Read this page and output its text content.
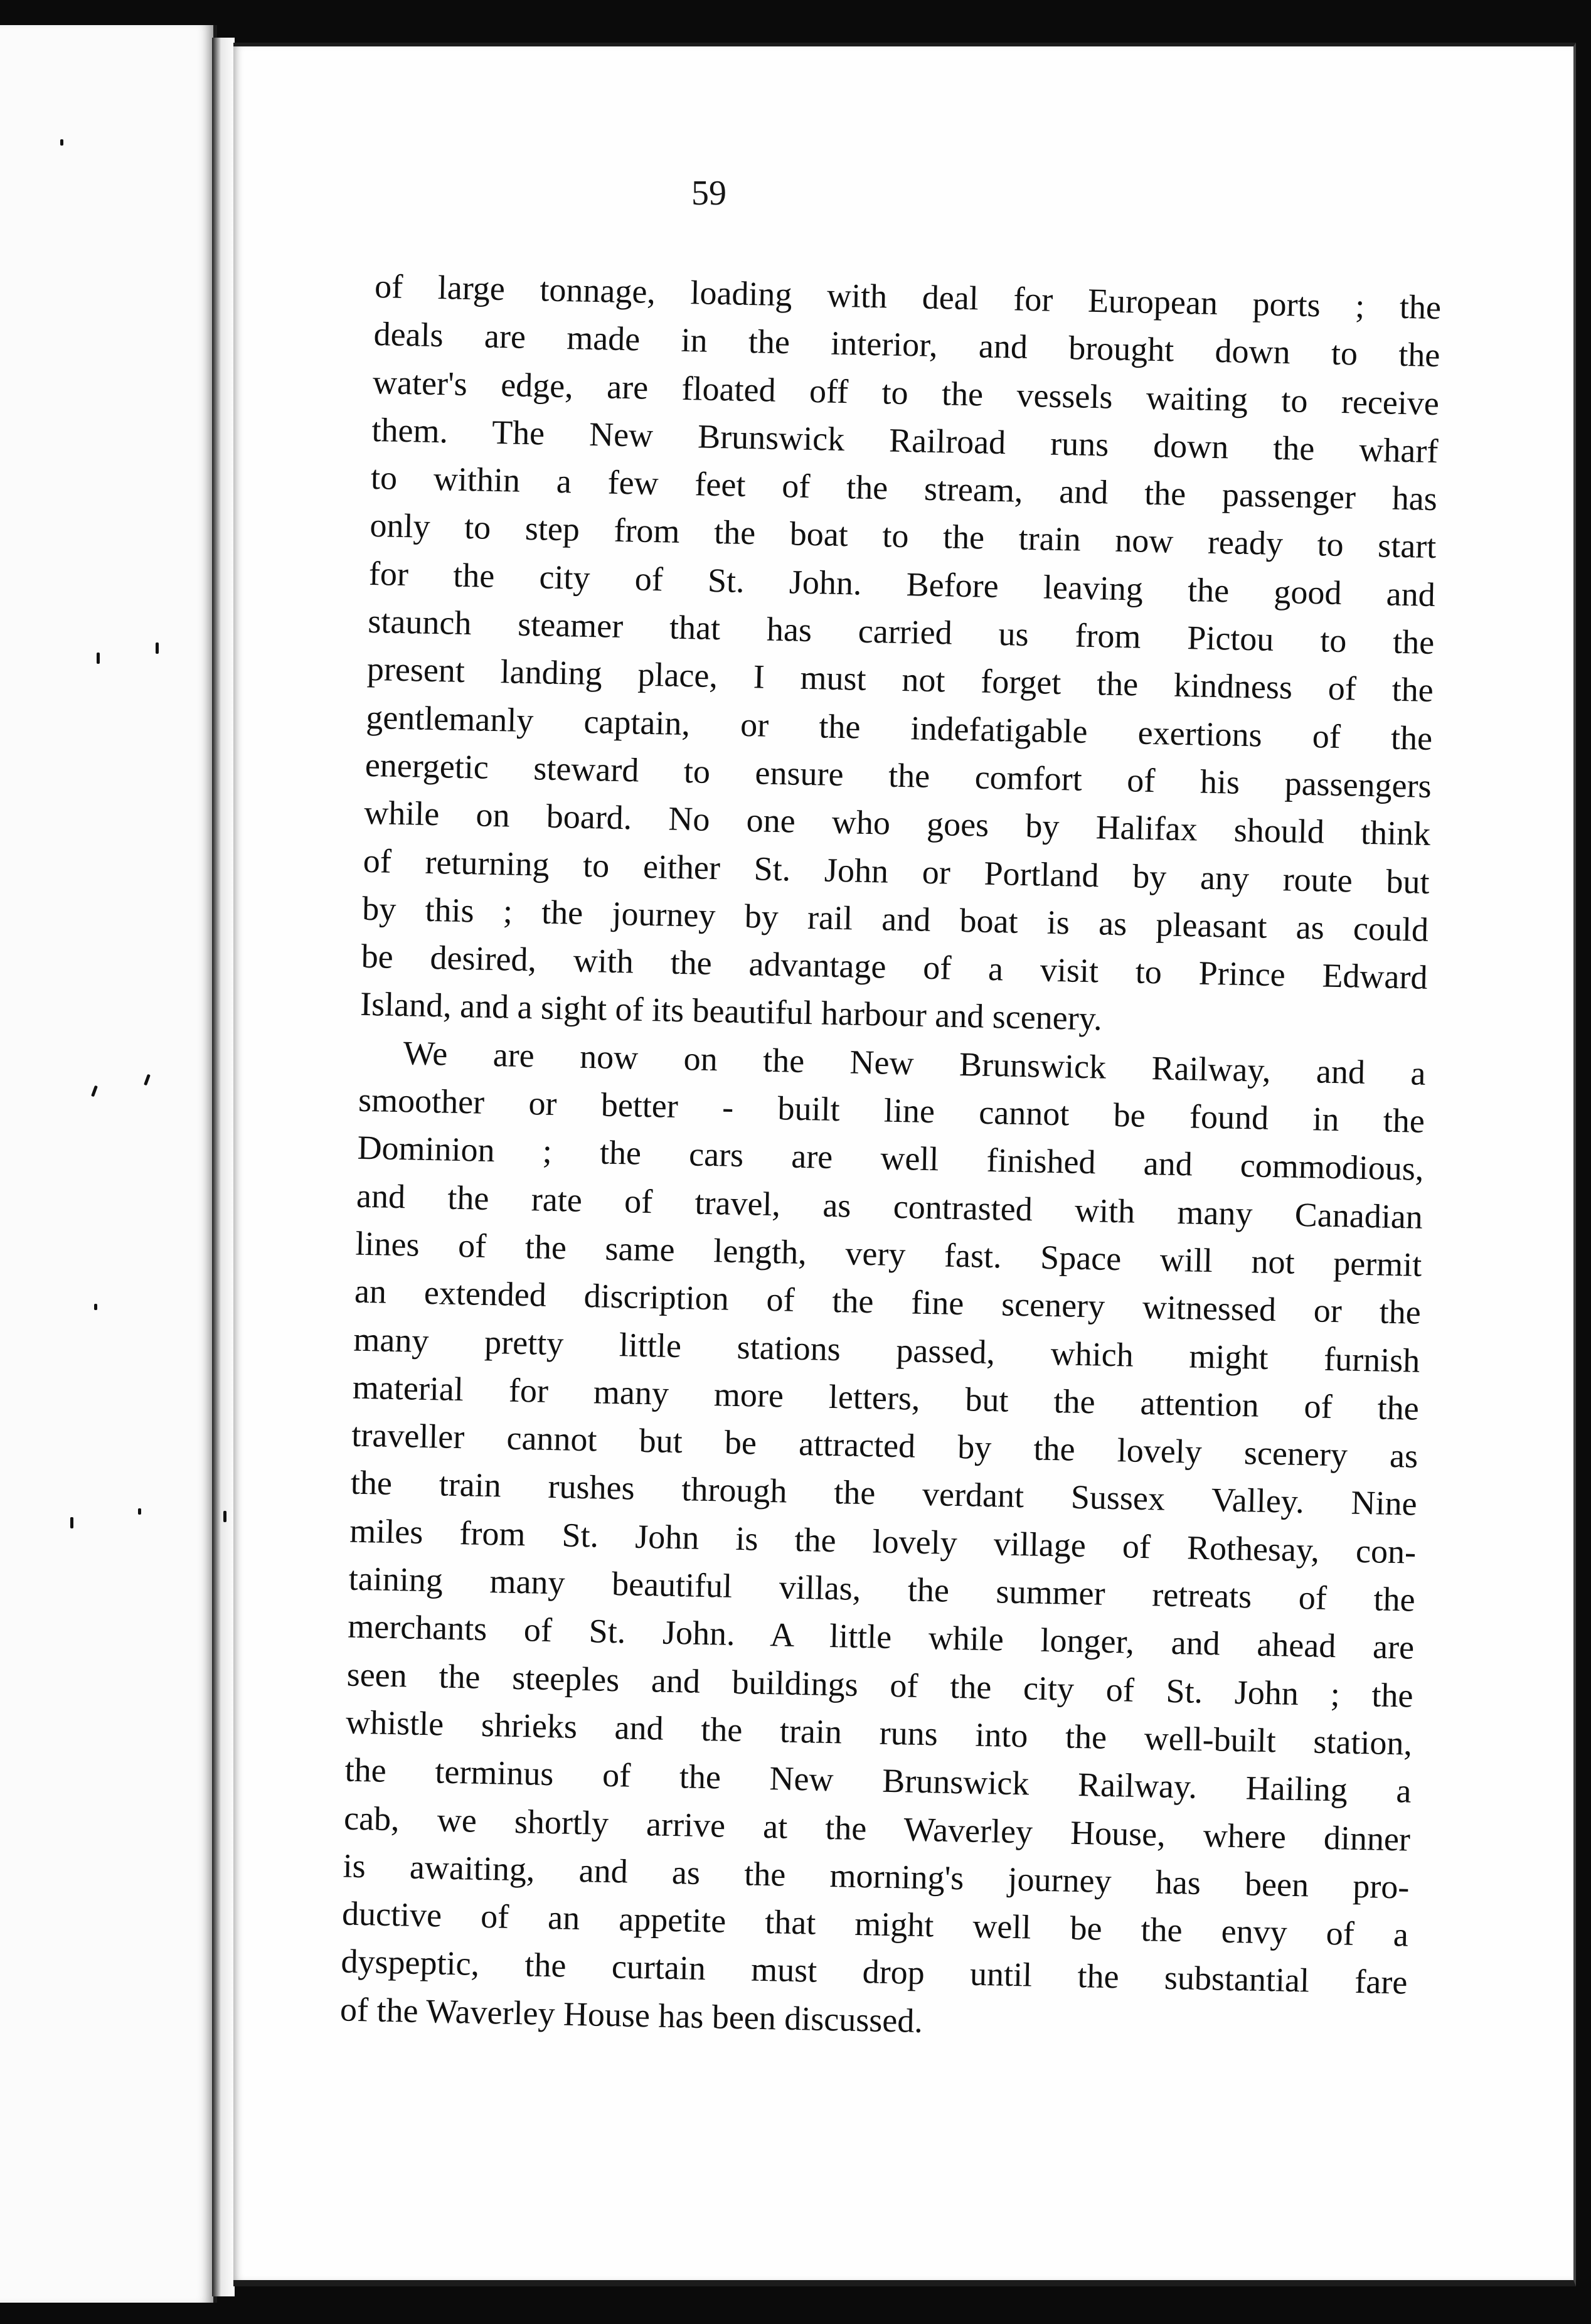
59

of large tonnage, loading with deal for European ports ; the
deals are made in the interior, and brought down to the
water's edge, are floated off to the vessels waiting to receive
them. The New Brunswick Railroad runs down the wharf
to within a few feet of the stream, and the passenger has
only to step from the boat to the train now ready to start
for the city of St. John. Before leaving the good and
staunch steamer that has carried us from Pictou to the
present landing place, I must not forget the kindness of the
gentlemanly captain, or the indefatigable exertions of the
energetic steward to ensure the comfort of his passengers
while on board. No one who goes by Halifax should think
of returning to either St. John or Portland by any route but
by this ; the journey by rail and boat is as pleasant as could
be desired, with the advantage of a visit to Prince Edward
Island, and a sight of its beautiful harbour and scenery.
We are now on the New Brunswick Railway, and a
smoother or better - built line cannot be found in the
Dominion ; the cars are well finished and commodious,
and the rate of travel, as contrasted with many Canadian
lines of the same length, very fast. Space will not permit
an extended discription of the fine scenery witnessed or the
many pretty little stations passed, which might furnish
material for many more letters, but the attention of the
traveller cannot but be attracted by the lovely scenery as
the train rushes through the verdant Sussex Valley. Nine
miles from St. John is the lovely village of Rothesay, con-
taining many beautiful villas, the summer retreats of the
merchants of St. John. A little while longer, and ahead are
seen the steeples and buildings of the city of St. John ; the
whistle shrieks and the train runs into the well-built station,
the terminus of the New Brunswick Railway. Hailing a
cab, we shortly arrive at the Waverley House, where dinner
is awaiting, and as the morning's journey has been pro-
ductive of an appetite that might well be the envy of a
dyspeptic, the curtain must drop until the substantial fare
of the Waverley House has been discussed.
